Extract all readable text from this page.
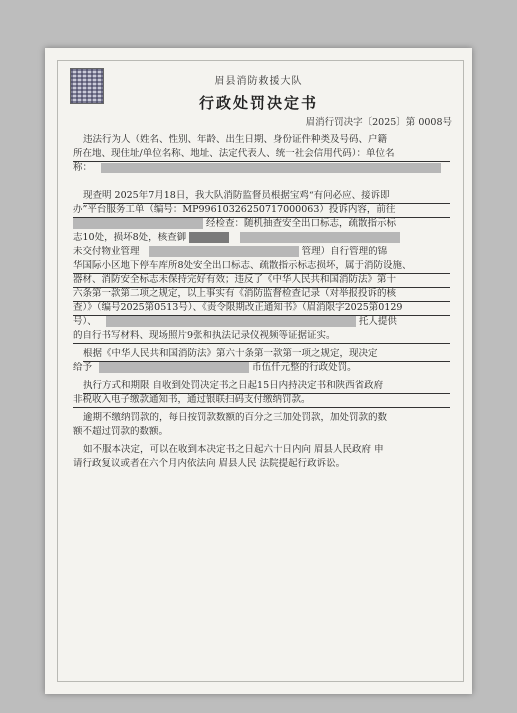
眉县消防救援大队
行政处罚决定书
眉消行罚决字〔2025〕第 0008号
违法行为人（姓名、性别、年龄、出生日期、身份证件种类及号码、户籍
所在地、现住址/单位名称、地址、法定代表人、统一社会信用代码）：单位名
称：
现查明 2025年7月18日，我大队消防监督员根据宝鸡“有问必应、接诉即
办”平台服务工单（编号：MP99610326250717000063）投诉内容，前往
经检查：随机抽查安全出口标志，疏散指示标
志10处，损坏8处，核查御
未交付物业管理	管理）自行管理的锦
华国际小区地下停车库所8处安全出口标志、疏散指示标志损坏，属于消防设施、
器材、消防安全标志未保持完好有效；违反了《中华人民共和国消防法》第十
六条第一款第二项之规定，以上事实有《消防监督检查记录（对举报投诉的核
查）》（编号2025第0513号）、《责令限期改正通知书》（眉消限字2025第0129
号）、	托人提供
的自行书写材料、现场照片9张和执法记录仪视频等证据证实。
根据《中华人民共和国消防法》第六十条第一款第一项之规定，现决定
给予	币伍仟元整的行政处罚。
执行方式和期限 自收到处罚决定书之日起15日内持决定书和陕西省政府
非税收入电子缴款通知书，通过银联扫码支付缴纳罚款。
逾期不缴纳罚款的，每日按罚款数额的百分之三加处罚款，加处罚款的数
额不超过罚款的数额。
如不服本决定，可以在收到本决定书之日起六十日内向 眉县人民政府 申
请行政复议或者在六个月内依法向 眉县人民 法院提起行政诉讼。
